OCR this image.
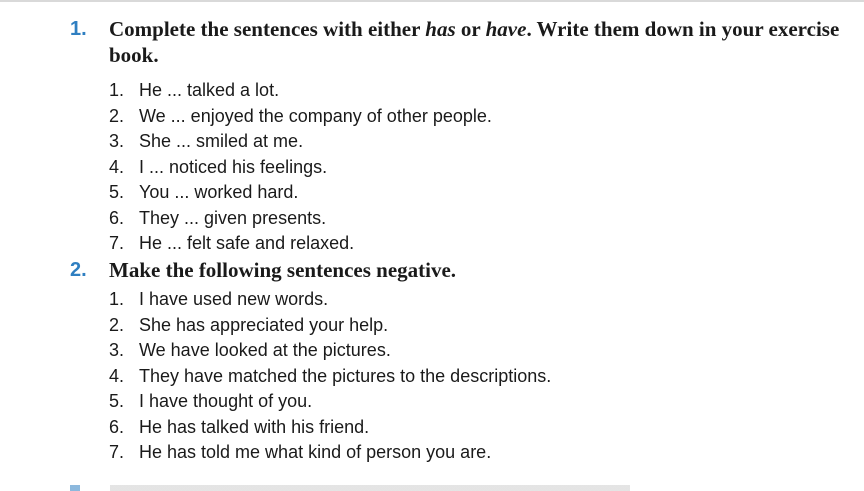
1. Complete the sentences with either has or have. Write them down in your exercise book.
1. He ... talked a lot.
2. We ... enjoyed the company of other people.
3. She ... smiled at me.
4. I ... noticed his feelings.
5. You ... worked hard.
6. They ... given presents.
7. He ... felt safe and relaxed.
2. Make the following sentences negative.
1. I have used new words.
2. She has appreciated your help.
3. We have looked at the pictures.
4. They have matched the pictures to the descriptions.
5. I have thought of you.
6. He has talked with his friend.
7. He has told me what kind of person you are.
